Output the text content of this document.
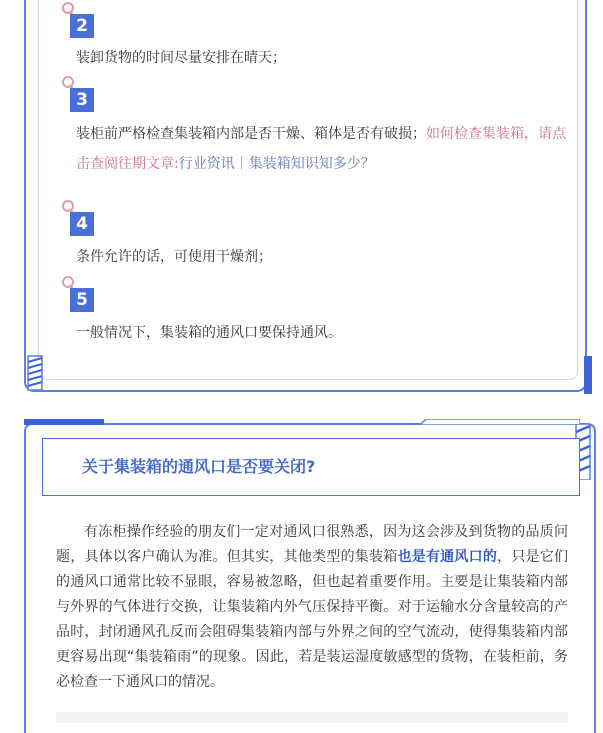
2
装卸货物的时间尽量安排在晴天；
3
装柜前严格检查集装箱内部是否干燥、箱体是否有破损；如何检查集装箱，请点击查阅往期文章:行业资讯｜集装箱知识知多少？
4
条件允许的话，可使用干燥剂；
5
一般情况下，集装箱的通风口要保持通风。
关于集装箱的通风口是否要关闭?
有冻柜操作经验的朋友们一定对通风口很熟悉，因为这会涉及到货物的品质问题，具体以客户确认为准。但其实，其他类型的集装箱也是有通风口的，只是它们的通风口通常比较不显眼，容易被忽略，但也起着重要作用。主要是让集装箱内部与外界的气体进行交换，让集装箱内外气压保持平衡。对于运输水分含量较高的产品时，封闭通风孔反而会阻碍集装箱内部与外界之间的空气流动，使得集装箱内部更容易出现“集装箱雨”的现象。因此，若是装运湿度敏感型的货物，在装柜前，务必检查一下通风口的情况。
